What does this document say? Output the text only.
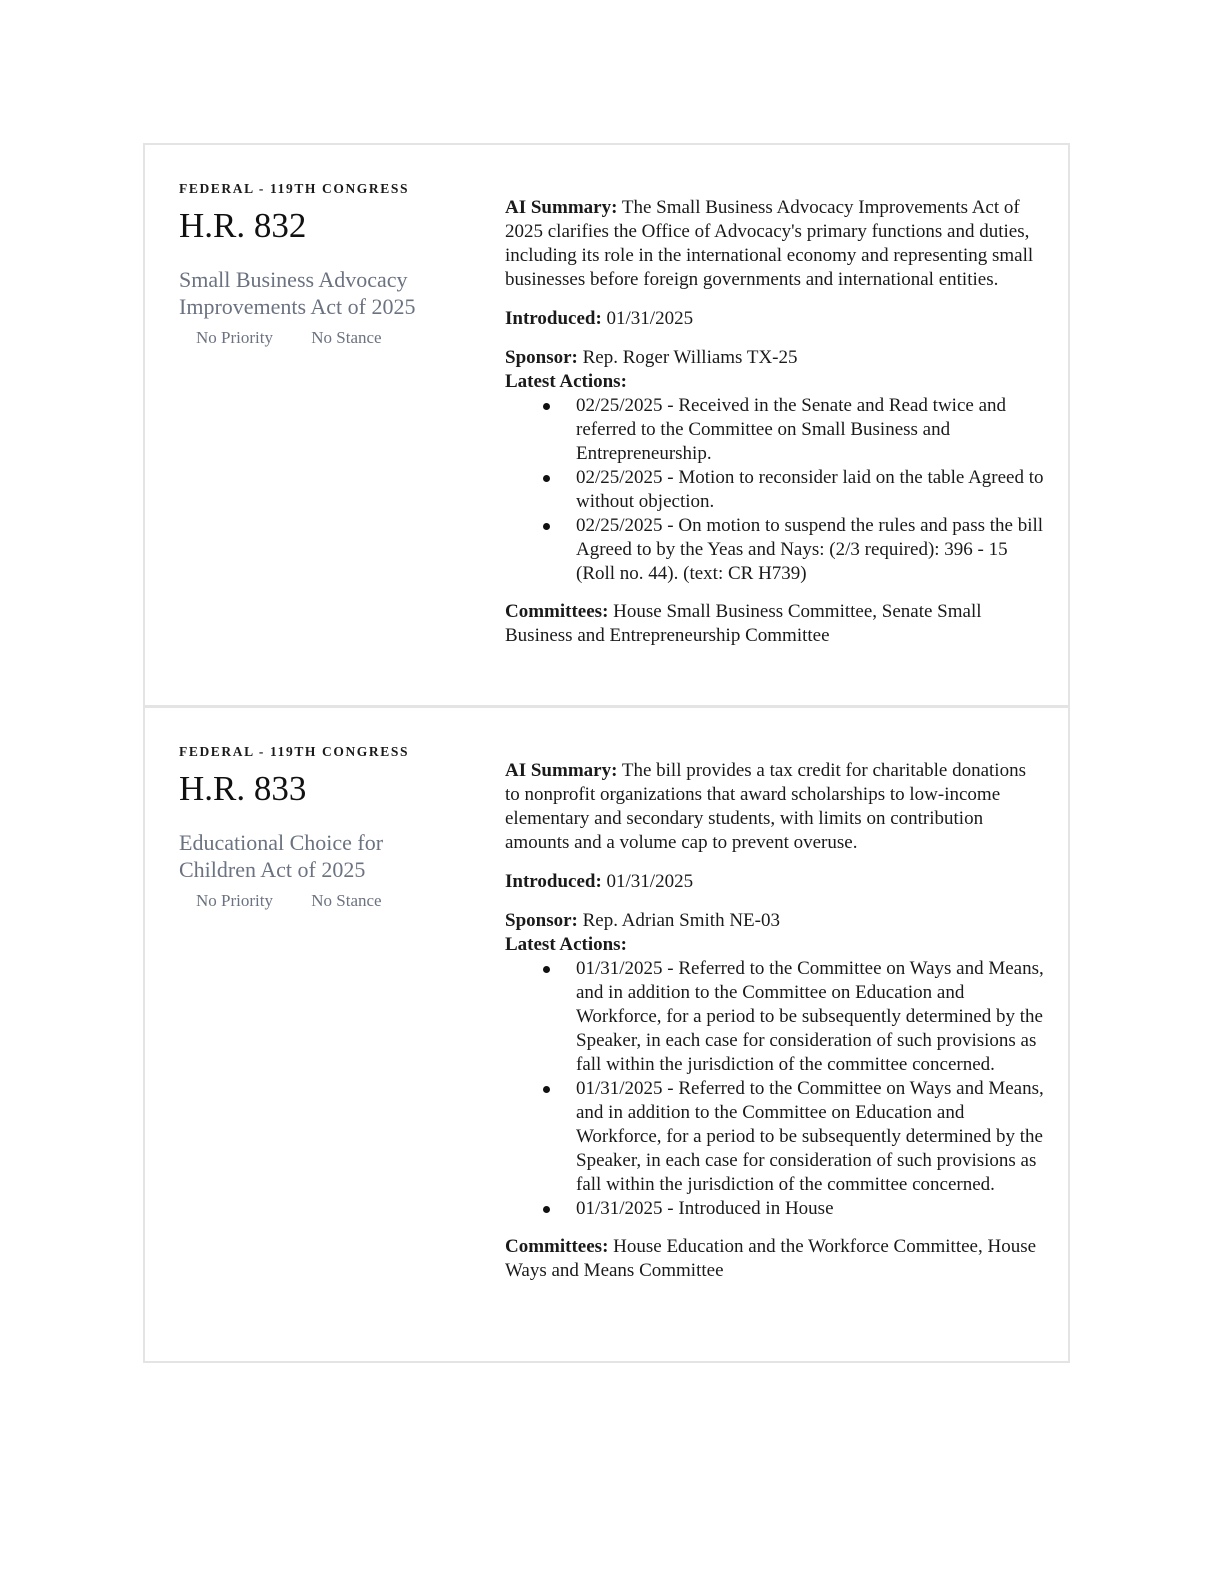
FEDERAL - 119TH CONGRESS
H.R. 832
Small Business Advocacy Improvements Act of 2025
No Priority No Stance

AI Summary: The Small Business Advocacy Improvements Act of 2025 clarifies the Office of Advocacy's primary functions and duties, including its role in the international economy and representing small businesses before foreign governments and international entities.

Introduced: 01/31/2025

Sponsor: Rep. Roger Williams TX-25

Latest Actions:
02/25/2025 - Received in the Senate and Read twice and referred to the Committee on Small Business and Entrepreneurship.
02/25/2025 - Motion to reconsider laid on the table Agreed to without objection.
02/25/2025 - On motion to suspend the rules and pass the bill Agreed to by the Yeas and Nays: (2/3 required): 396 - 15 (Roll no. 44). (text: CR H739)

Committees: House Small Business Committee, Senate Small Business and Entrepreneurship Committee

FEDERAL - 119TH CONGRESS
H.R. 833
Educational Choice for Children Act of 2025
No Priority No Stance

AI Summary: The bill provides a tax credit for charitable donations to nonprofit organizations that award scholarships to low-income elementary and secondary students, with limits on contribution amounts and a volume cap to prevent overuse.

Introduced: 01/31/2025

Sponsor: Rep. Adrian Smith NE-03

Latest Actions:
01/31/2025 - Referred to the Committee on Ways and Means, and in addition to the Committee on Education and Workforce, for a period to be subsequently determined by the Speaker, in each case for consideration of such provisions as fall within the jurisdiction of the committee concerned.
01/31/2025 - Referred to the Committee on Ways and Means, and in addition to the Committee on Education and Workforce, for a period to be subsequently determined by the Speaker, in each case for consideration of such provisions as fall within the jurisdiction of the committee concerned.
01/31/2025 - Introduced in House

Committees: House Education and the Workforce Committee, House Ways and Means Committee
